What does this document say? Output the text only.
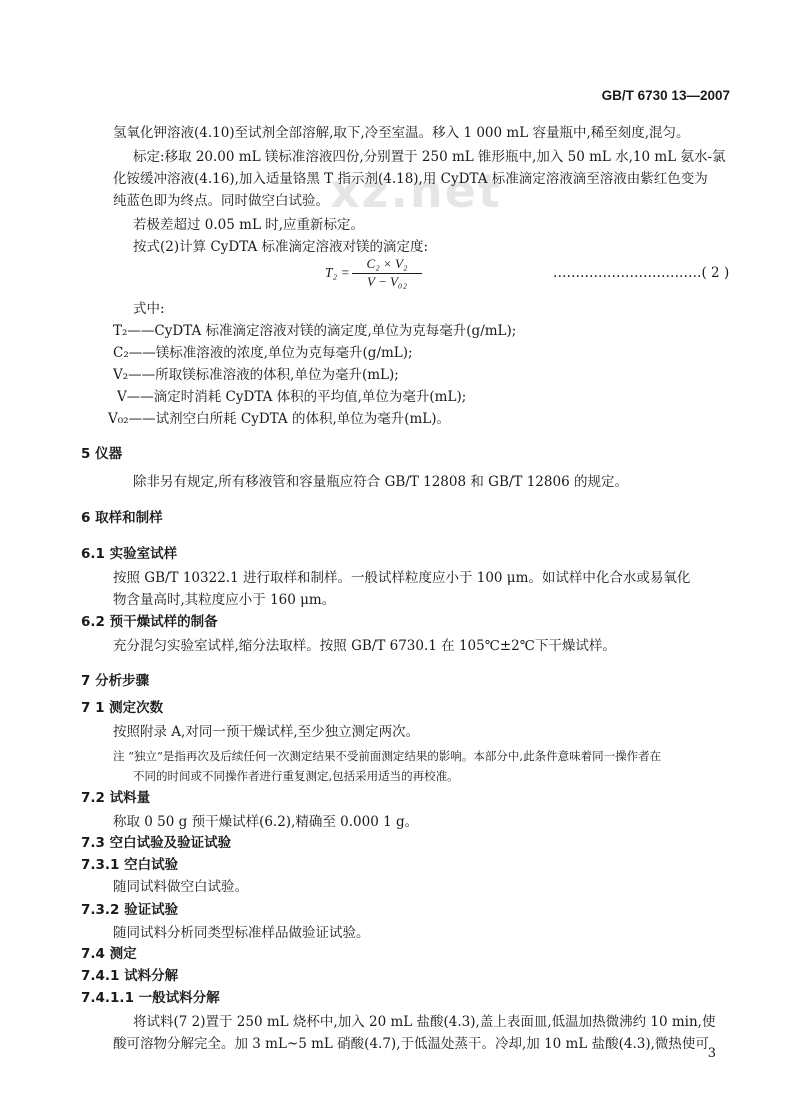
GB/T 6730 13—2007
xz.net
氢氧化钾溶液(4.10)至试剂全部溶解,取下,冷至室温。移入 1 000 mL 容量瓶中,稀至刻度,混匀。
标定:移取 20.00 mL 镁标准溶液四份,分别置于 250 mL 锥形瓶中,加入 50 mL 水,10 mL 氨水-氯
化铵缓冲溶液(4.16),加入适量铬黑 T 指示剂(4.18),用 CyDTA 标准滴定溶液滴至溶液由紫红色变为
纯蓝色即为终点。同时做空白试验。
若极差超过 0.05 mL 时,应重新标定。
按式(2)计算 CyDTA 标准滴定溶液对镁的滴定度:
式中:
T₂——CyDTA 标准滴定溶液对镁的滴定度,单位为克每毫升(g/mL);
C₂——镁标准溶液的浓度,单位为克每毫升(g/mL);
V₂——所取镁标准溶液的体积,单位为毫升(mL);
V——滴定时消耗 CyDTA 体积的平均值,单位为毫升(mL);
V₀₂——试剂空白所耗 CyDTA 的体积,单位为毫升(mL)。
5 仪器
除非另有规定,所有移液管和容量瓶应符合 GB/T 12808 和 GB/T 12806 的规定。
6 取样和制样
6.1 实验室试样
按照 GB/T 10322.1 进行取样和制样。一般试样粒度应小于 100 μm。如试样中化合水或易氧化
物含量高时,其粒度应小于 160 μm。
6.2 预干燥试样的制备
充分混匀实验室试样,缩分法取样。按照 GB/T 6730.1 在 105℃±2℃下干燥试样。
7 分析步骤
7 1 测定次数
按照附录 A,对同一预干燥试样,至少独立测定两次。
注 “独立”是指再次及后续任何一次测定结果不受前面测定结果的影响。本部分中,此条件意味着同一操作者在
不同的时间或不同操作者进行重复测定,包括采用适当的再校准。
7.2 试料量
称取 0 50 g 预干燥试样(6.2),精确至 0.000 1 g。
7.3 空白试验及验证试验
7.3.1 空白试验
随同试料做空白试验。
7.3.2 验证试验
随同试料分析同类型标准样品做验证试验。
7.4 测定
7.4.1 试料分解
7.4.1.1 一般试料分解
将试料(7 2)置于 250 mL 烧杯中,加入 20 mL 盐酸(4.3),盖上表面皿,低温加热微沸约 10 min,使
酸可溶物分解完全。加 3 mL~5 mL 硝酸(4.7),于低温处蒸干。冷却,加 10 mL 盐酸(4.3),微热使可
$T_2 = \frac{\text{C₂ × V₂}}{\text{V − V₀₂}}$	……………………………( 2 )
3
